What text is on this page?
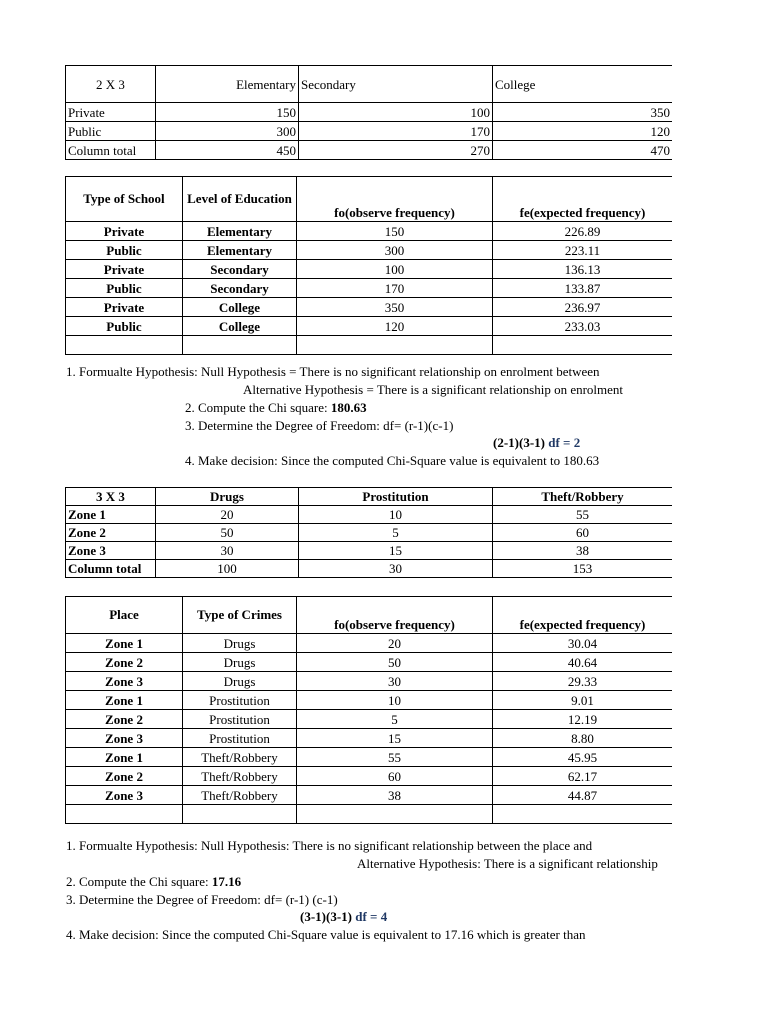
2 X 3	Elementary	Secondary	College
Private	150	100	350
Public	300	170	120
Column total	450	270	470
Type of School	Level of Education	fo(observe frequency)	fe(expected frequency)
Private	Elementary	150	226.89
Public	Elementary	300	223.11
Private	Secondary	100	136.13
Public	Secondary	170	133.87
Private	College	350	236.97
Public	College	120	233.03

1. Formualte Hypothesis: Null Hypothesis = There is no significant relationship on enrolment between
Alternative Hypothesis = There is a significant relationship on enrolment
2. Compute the Chi square: 180.63
3. Determine the Degree of Freedom: df= (r-1)(c-1)
(2-1)(3-1) df = 2
4. Make decision: Since the computed Chi-Square value is equivalent to 180.63
3 X 3	Drugs	Prostitution	Theft/Robbery
Zone 1	20	10	55
Zone 2	50	5	60
Zone 3	30	15	38
Column total	100	30	153
Place	Type of Crimes	fo(observe frequency)	fe(expected frequency)
Zone 1	Drugs	20	30.04
Zone 2	Drugs	50	40.64
Zone 3	Drugs	30	29.33
Zone 1	Prostitution	10	9.01
Zone 2	Prostitution	5	12.19
Zone 3	Prostitution	15	8.80
Zone 1	Theft/Robbery	55	45.95
Zone 2	Theft/Robbery	60	62.17
Zone 3	Theft/Robbery	38	44.87

1. Formualte Hypothesis: Null Hypothesis: There is no significant relationship between the place and
Alternative Hypothesis: There is a significant relationship
2. Compute the Chi square: 17.16
3. Determine the Degree of Freedom: df= (r-1) (c-1)
(3-1)(3-1) df = 4
4. Make decision: Since the computed Chi-Square value is equivalent to 17.16 which is greater than
